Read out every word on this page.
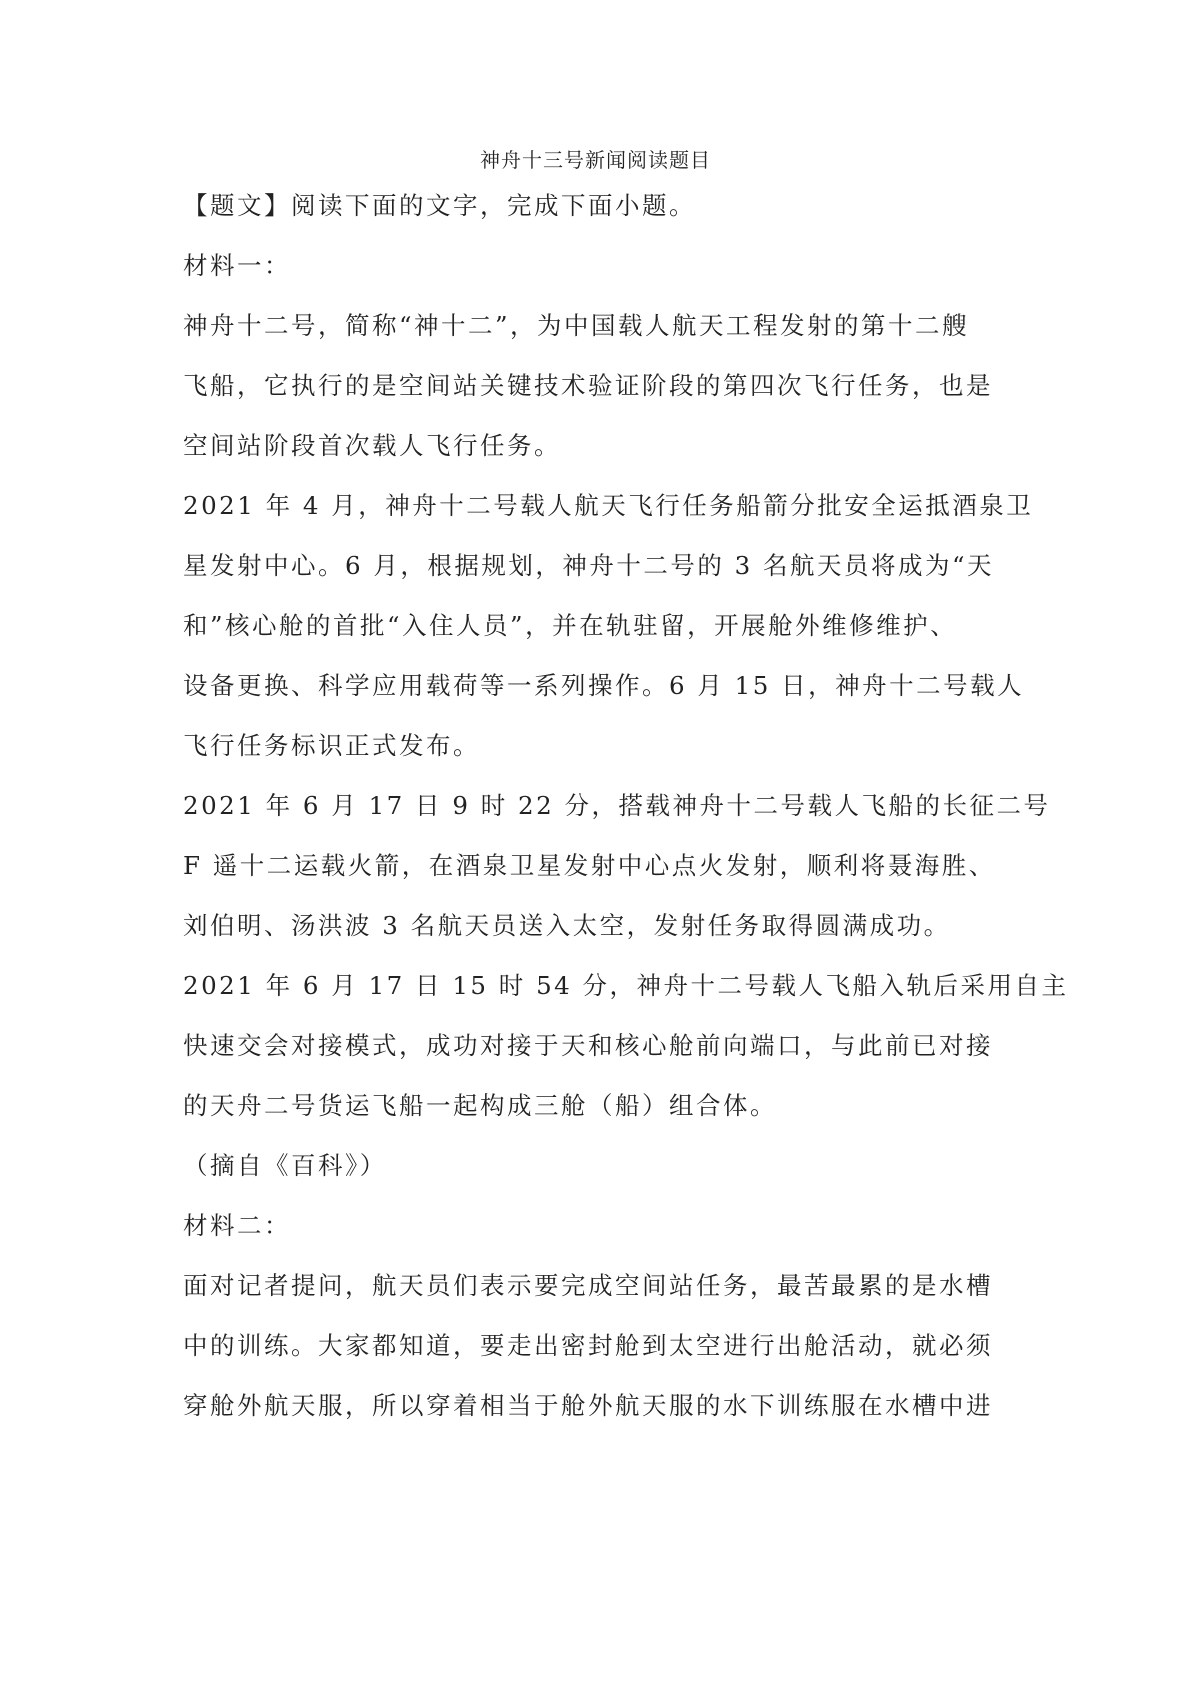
神舟十三号新闻阅读题目

【题文】阅读下面的文字，完成下面小题。

材料一：

神舟十二号，简称“神十二”，为中国载人航天工程发射的第十二艘

飞船，它执行的是空间站关键技术验证阶段的第四次飞行任务，也是

空间站阶段首次载人飞行任务。

2021 年 4 月，神舟十二号载人航天飞行任务船箭分批安全运抵酒泉卫

星发射中心。6 月，根据规划，神舟十二号的 3 名航天员将成为“天

和”核心舱的首批“入住人员”，并在轨驻留，开展舱外维修维护、

设备更换、科学应用载荷等一系列操作。6 月 15 日，神舟十二号载人

飞行任务标识正式发布。

2021 年 6 月 17 日 9 时 22 分，搭载神舟十二号载人飞船的长征二号

F 遥十二运载火箭，在酒泉卫星发射中心点火发射，顺利将聂海胜、

刘伯明、汤洪波 3 名航天员送入太空，发射任务取得圆满成功。

2021 年 6 月 17 日 15 时 54 分，神舟十二号载人飞船入轨后采用自主

快速交会对接模式，成功对接于天和核心舱前向端口，与此前已对接

的天舟二号货运飞船一起构成三舱（船）组合体。

（摘自《百科》）

材料二：

面对记者提问，航天员们表示要完成空间站任务，最苦最累的是水槽

中的训练。大家都知道，要走出密封舱到太空进行出舱活动，就必须

穿舱外航天服，所以穿着相当于舱外航天服的水下训练服在水槽中进
